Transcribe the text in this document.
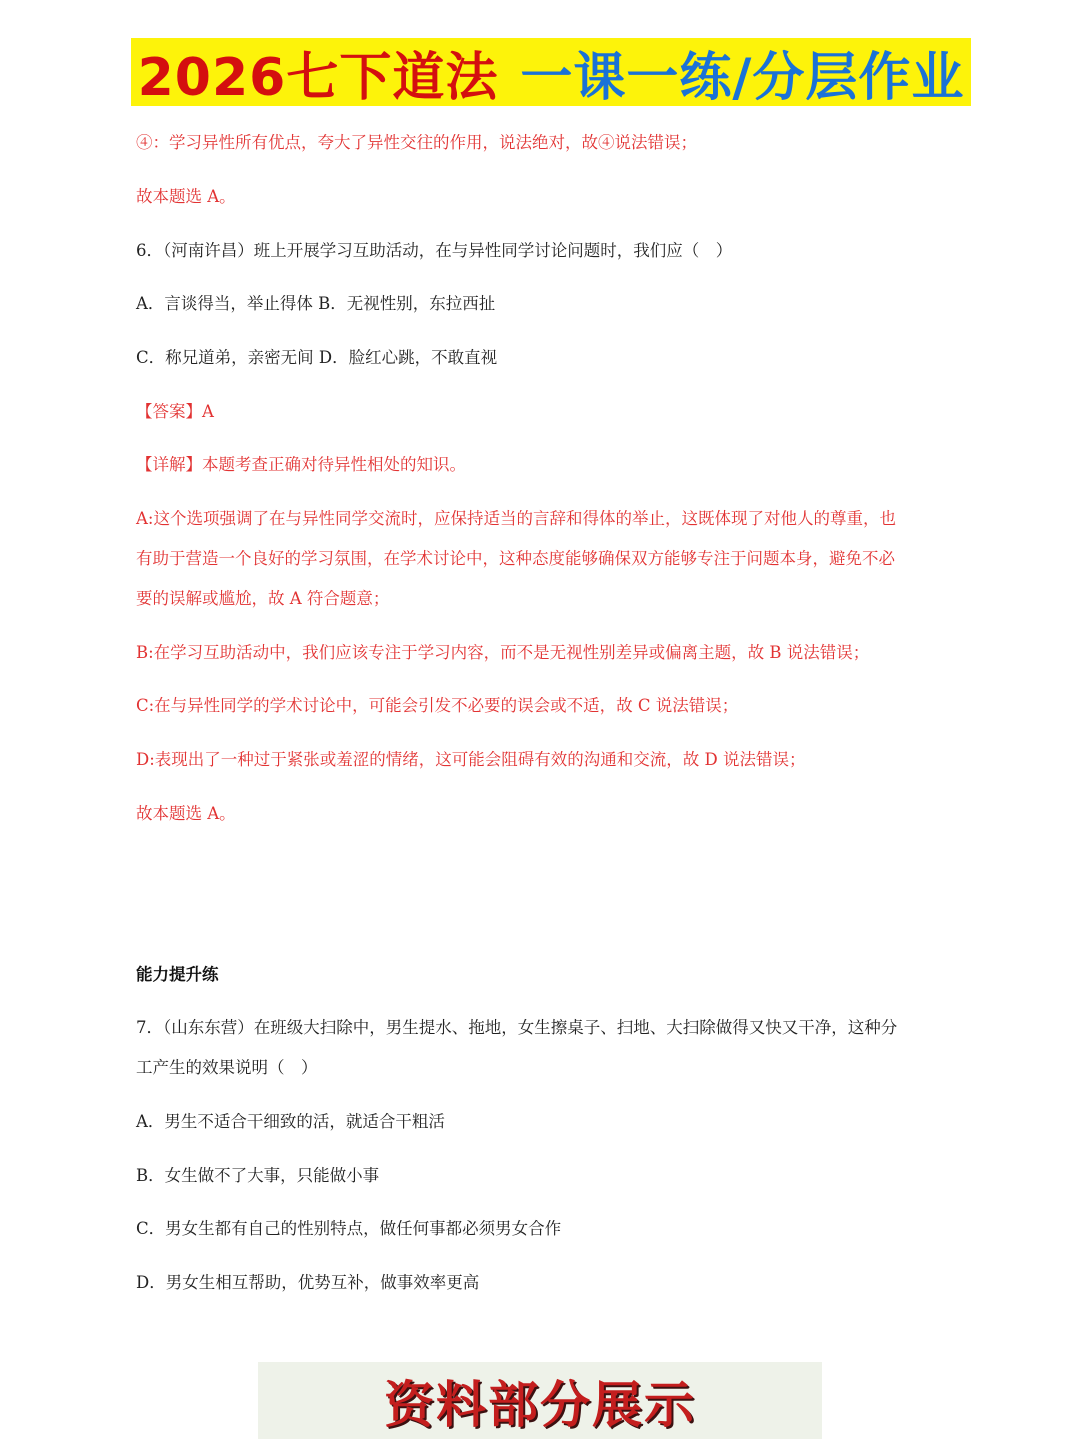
2026七下道法 一课一练/分层作业
④：学习异性所有优点，夸大了异性交往的作用，说法绝对，故④说法错误；
故本题选 A。
6．（河南许昌）班上开展学习互助活动，在与异性同学讨论问题时，我们应（　）
A．言谈得当，举止得体 B．无视性别，东拉西扯
C．称兄道弟，亲密无间 D．脸红心跳，不敢直视
【答案】A
【详解】本题考查正确对待异性相处的知识。
A:这个选项强调了在与异性同学交流时，应保持适当的言辞和得体的举止，这既体现了对他人的尊重，也
有助于营造一个良好的学习氛围，在学术讨论中，这种态度能够确保双方能够专注于问题本身，避免不必
要的误解或尴尬，故 A 符合题意；
B:在学习互助活动中，我们应该专注于学习内容，而不是无视性别差异或偏离主题，故 B 说法错误；
C:在与异性同学的学术讨论中，可能会引发不必要的误会或不适，故 C 说法错误；
D:表现出了一种过于紧张或羞涩的情绪，这可能会阻碍有效的沟通和交流，故 D 说法错误；
故本题选 A。
能力提升练
7．（山东东营）在班级大扫除中，男生提水、拖地，女生擦桌子、扫地、大扫除做得又快又干净，这种分
工产生的效果说明（　）
A．男生不适合干细致的活，就适合干粗活
B．女生做不了大事，只能做小事
C．男女生都有自己的性别特点，做任何事都必须男女合作
D．男女生相互帮助，优势互补，做事效率更高
资料部分展示
